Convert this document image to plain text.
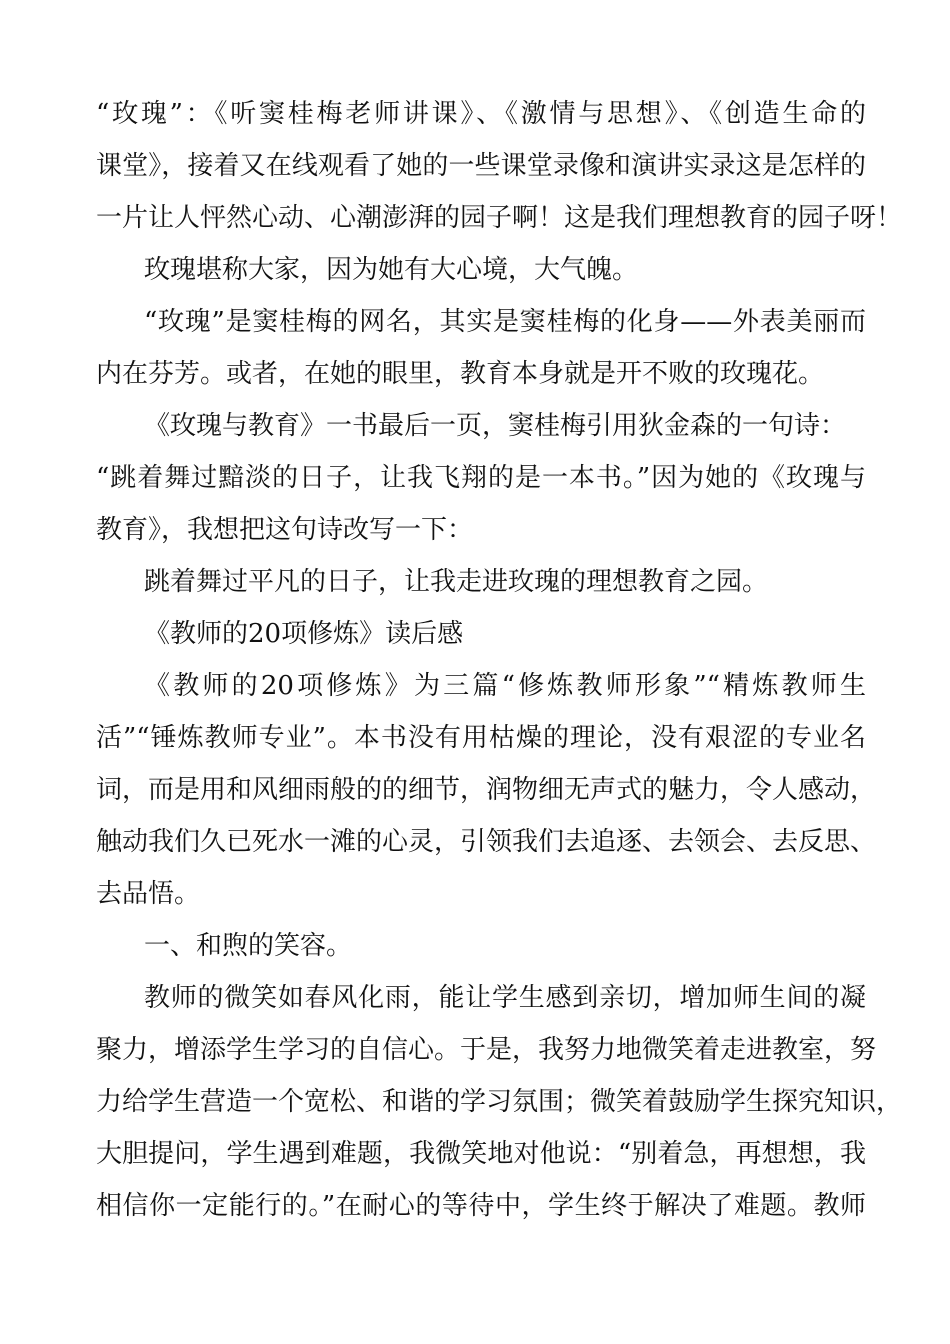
“玫瑰”：《听窦桂梅老师讲课》、《激情与思想》、《创造生命的
课堂》，接着又在线观看了她的一些课堂录像和演讲实录这是怎样的
一片让人怦然心动、心潮澎湃的园子啊！这是我们理想教育的园子呀！
玫瑰堪称大家，因为她有大心境，大气魄。
“玫瑰”是窦桂梅的网名，其实是窦桂梅的化身——外表美丽而
内在芬芳。或者，在她的眼里，教育本身就是开不败的玫瑰花。
《玫瑰与教育》一书最后一页，窦桂梅引用狄金森的一句诗：
“跳着舞过黯淡的日子，让我飞翔的是一本书。”因为她的《玫瑰与
教育》，我想把这句诗改写一下：
跳着舞过平凡的日子，让我走进玫瑰的理想教育之园。
《教师的20项修炼》读后感
《教师的20项修炼》为三篇“修炼教师形象”“精炼教师生
活”“锤炼教师专业”。本书没有用枯燥的理论，没有艰涩的专业名
词，而是用和风细雨般的的细节，润物细无声式的魅力，令人感动，
触动我们久已死水一滩的心灵，引领我们去追逐、去领会、去反思、
去品悟。
一、和煦的笑容。
教师的微笑如春风化雨，能让学生感到亲切，增加师生间的凝
聚力，增添学生学习的自信心。于是，我努力地微笑着走进教室，努
力给学生营造一个宽松、和谐的学习氛围；微笑着鼓励学生探究知识，
大胆提问，学生遇到难题，我微笑地对他说：“别着急，再想想，我
相信你一定能行的。”在耐心的等待中，学生终于解决了难题。教师
